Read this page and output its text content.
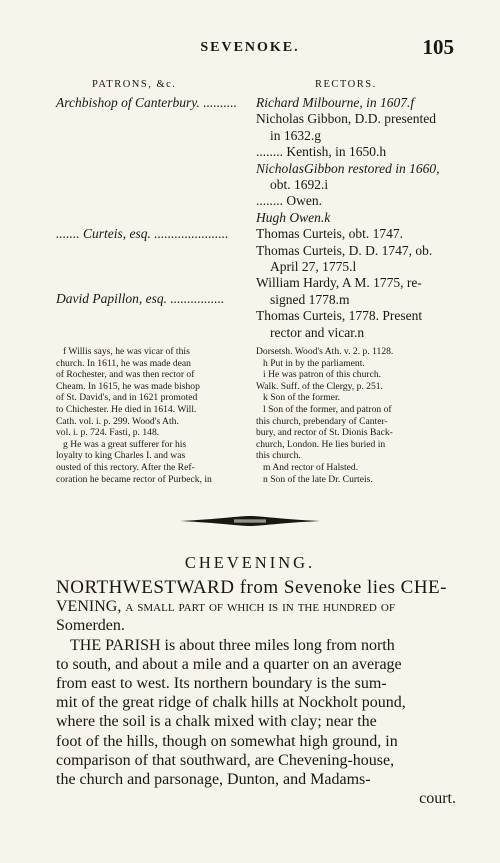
SEVENOKE.	105
PATRONS, &c.	RECTORS.
Archbishop of Canterbury. ..........
....... Curteis, esq. ......................
David Papillon, esq. ................
Richard Milbourne, in 1607.f
Nicholas Gibbon, D.D. presented
in 1632.g
........ Kentish, in 1650.h
NicholasGibbon restored in 1660,
obt. 1692.i
........ Owen.
Hugh Owen.k
Thomas Curteis, obt. 1747.
Thomas Curteis, D. D. 1747, ob.
April 27, 1775.l
William Hardy, A M. 1775, re-
signed 1778.m
Thomas Curteis, 1778. Present
rector and vicar.n
f Willis says, he was vicar of this
church. In 1611, he was made dean
of Rochester, and was then rector of
Cheam. In 1615, he was made bishop
of St. David's, and in 1621 promoted
to Chichester. He died in 1614. Will.
Cath. vol. i. p. 299. Wood's Ath.
vol. i. p. 724. Fasti, p. 148.
g He was a great sufferer for his
loyalty to king Charles I. and was
ousted of this rectory. After the Ref-
coration he became rector of Purbeck, in
Dorsetsh. Wood's Ath. v. 2. p. 1128.
h Put in by the parliament.
i He was patron of this church.
Walk. Suff. of the Clergy, p. 251.
k Son of the former.
l Son of the former, and patron of
this church, prebendary of Canter-
bury, and rector of St. Dionis Back-
church, London. He lies buried in
this church.
m And rector of Halsted.
n Son of the late Dr. Curteis.
CHEVENING.
NORTHWESTWARD from Sevenoke lies CHE-
VENING, a small part of which is in the hundred of
Somerden.
THE PARISH is about three miles long from north
to south, and about a mile and a quarter on an average
from east to west. Its northern boundary is the sum-
mit of the great ridge of chalk hills at Nockholt pound,
where the soil is a chalk mixed with clay; near the
foot of the hills, though on somewhat high ground, in
comparison of that southward, are Chevening-house,
the church and parsonage, Dunton, and Madams-
court.
